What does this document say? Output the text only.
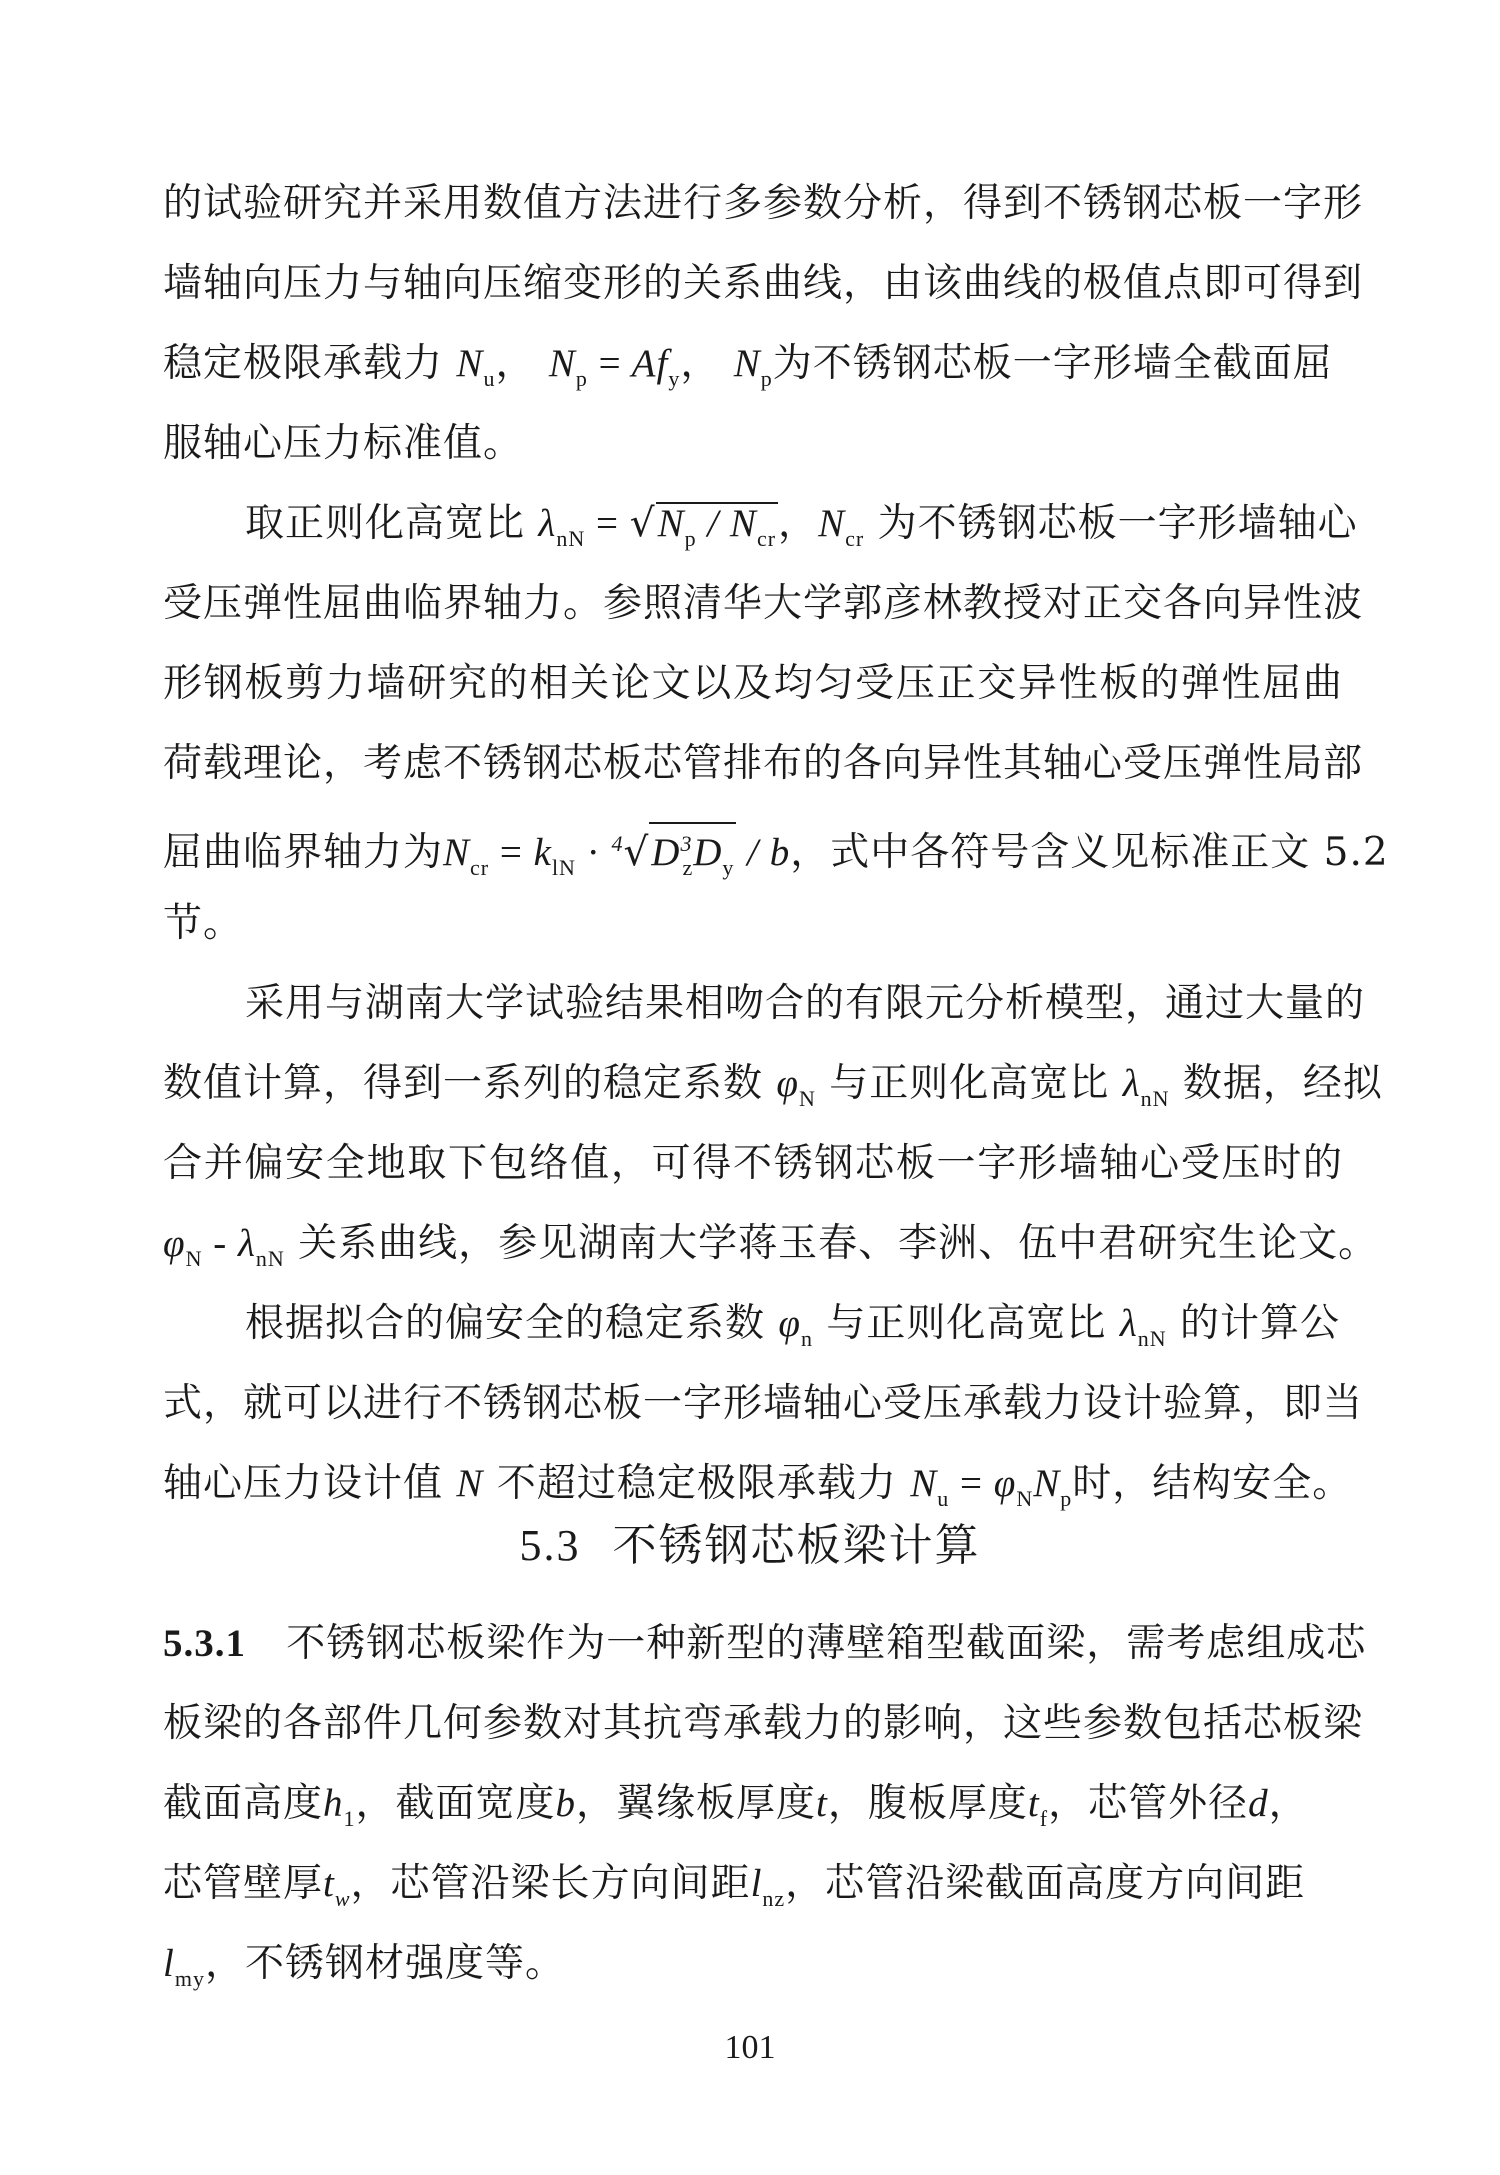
的试验研究并采用数值方法进行多参数分析，得到不锈钢芯板一字形
墙轴向压力与轴向压缩变形的关系曲线，由该曲线的极值点即可得到
稳定极限承载力 $N_u$， $N_p = Af_y$， $N_p$为不锈钢芯板一字形墙全截面屈
服轴心压力标准值。
取正则化高宽比 $\lambda_{nN} = √N_p / N_{cr}$，$N_{cr}$ 为不锈钢芯板一字形墙轴心
受压弹性屈曲临界轴力。参照清华大学郭彦林教授对正交各向异性波
形钢板剪力墙研究的相关论文以及均匀受压正交异性板的弹性屈曲
荷载理论，考虑不锈钢芯板芯管排布的各向异性其轴心受压弹性局部
屈曲临界轴力为$N_{cr} = k_{lN} \cdot ^4√D^3_zD_y / b$，式中各符号含义见标准正文 5.2
节。
采用与湖南大学试验结果相吻合的有限元分析模型，通过大量的
数值计算，得到一系列的稳定系数 $\varphi_N$ 与正则化高宽比 $\lambda_{nN}$ 数据，经拟
合并偏安全地取下包络值，可得不锈钢芯板一字形墙轴心受压时的
$\varphi_N - \lambda_{nN}$ 关系曲线，参见湖南大学蒋玉春、李洲、伍中君研究生论文。
根据拟合的偏安全的稳定系数 $\varphi_n$ 与正则化高宽比 $\lambda_{nN}$ 的计算公
式，就可以进行不锈钢芯板一字形墙轴心受压承载力设计验算，即当
5.3 不锈钢芯板梁计算
5.3.1 不锈钢芯板梁作为一种新型的薄壁箱型截面梁，需考虑组成芯
板梁的各部件几何参数对其抗弯承载力的影响，这些参数包括芯板梁
截面高度$h_1$，截面宽度b，翼缘板厚度t，腹板厚度$t_f$，芯管外径d，
芯管壁厚$t_w$，芯管沿梁长方向间距$l_{nz}$，芯管沿梁截面高度方向间距
$l_{my}$，不锈钢材强度等。
101
轴心压力设计值 N 不超过稳定极限承载力 $N_u = \varphi_NN_p$时，结构安全。
